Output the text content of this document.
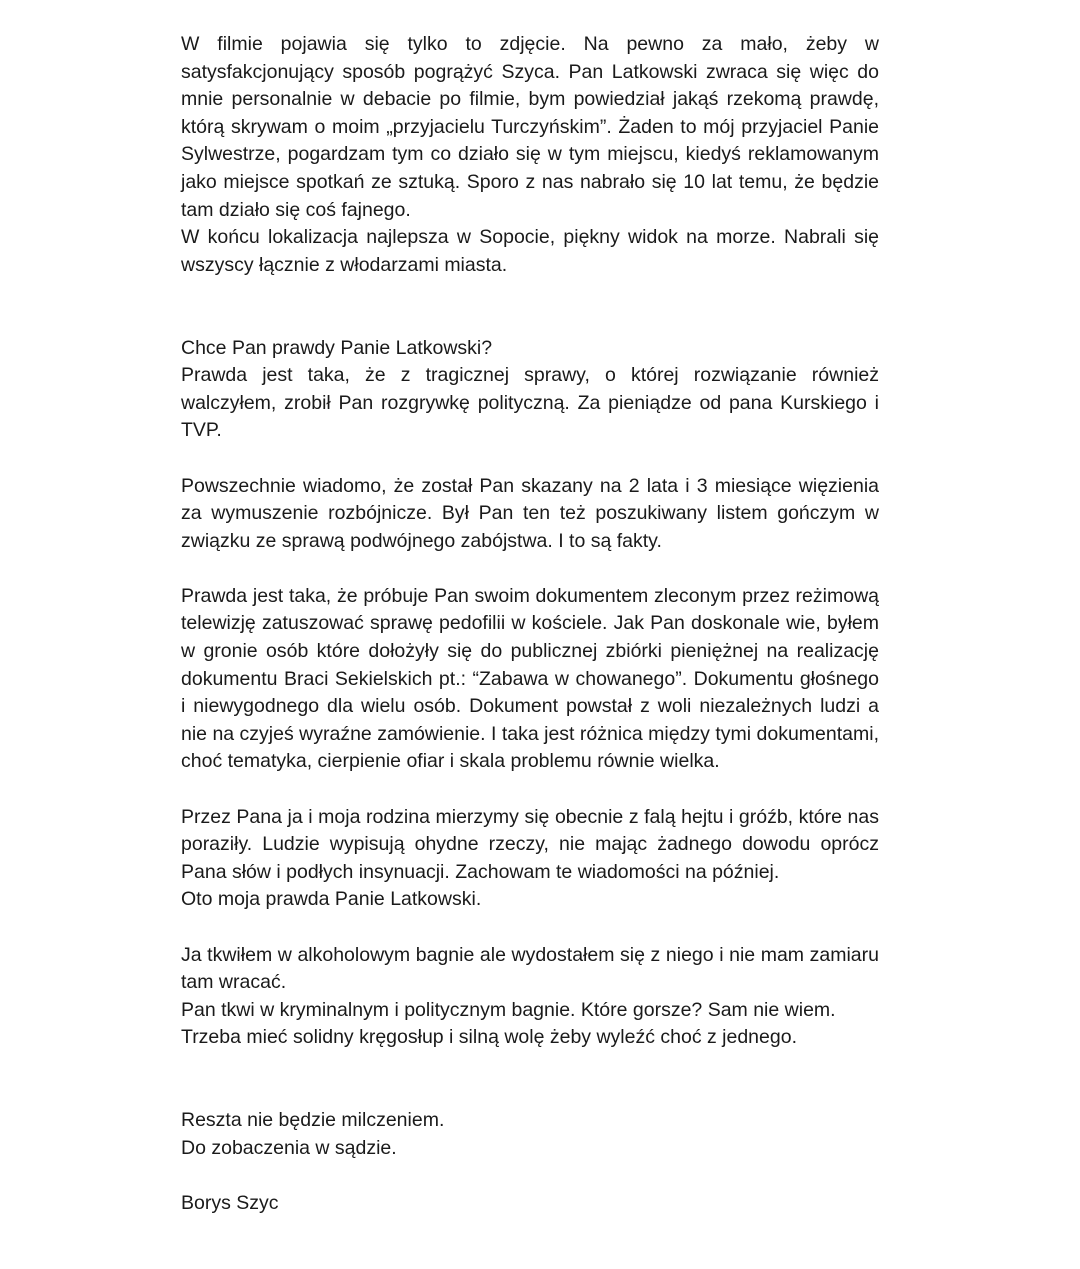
W filmie pojawia się tylko to zdjęcie. Na pewno za mało, żeby w satysfakcjonujący sposób pogrążyć Szyca. Pan Latkowski zwraca się więc do mnie personalnie w debacie po filmie, bym powiedział jakąś rzekomą prawdę, którą skrywam o moim „przyjacielu Turczyńskim”. Żaden to mój przyjaciel Panie Sylwestrze, pogardzam tym co działo się w tym miejscu, kiedyś reklamowanym jako miejsce spotkań ze sztuką. Sporo z nas nabrało się 10 lat temu, że będzie tam działo się coś fajnego.

W końcu lokalizacja najlepsza w Sopocie, piękny widok na morze. Nabrali się wszyscy łącznie z włodarzami miasta.

Chce Pan prawdy Panie Latkowski?

Prawda jest taka, że z tragicznej sprawy, o której rozwiązanie również walczyłem, zrobił Pan rozgrywkę polityczną. Za pieniądze od pana Kurskiego i TVP.

Powszechnie wiadomo, że został Pan skazany na 2 lata i 3 miesiące więzienia za wymuszenie rozbójnicze. Był Pan ten też poszukiwany listem gończym w związku ze sprawą podwójnego zabójstwa. I to są fakty.

Prawda jest taka, że próbuje Pan swoim dokumentem zleconym przez reżimową telewizję zatuszować sprawę pedofilii w kościele. Jak Pan doskonale wie, byłem w gronie osób które dołożyły się do publicznej zbiórki pieniężnej na realizację dokumentu Braci Sekielskich pt.: “Zabawa w chowanego”. Dokumentu głośnego i niewygodnego dla wielu osób. Dokument powstał z woli niezależnych ludzi a nie na czyjeś wyraźne zamówienie. I taka jest różnica między tymi dokumentami, choć tematyka, cierpienie ofiar i skala problemu równie wielka.

Przez Pana ja i moja rodzina mierzymy się obecnie z falą hejtu i gróźb, które nas poraziły. Ludzie wypisują ohydne rzeczy, nie mając żadnego dowodu oprócz Pana słów i podłych insynuacji. Zachowam te wiadomości na później.

Oto moja prawda Panie Latkowski.

Ja tkwiłem w alkoholowym bagnie ale wydostałem się z niego i nie mam zamiaru tam wracać.

Pan tkwi w kryminalnym i politycznym bagnie. Które gorsze? Sam nie wiem.

Trzeba mieć solidny kręgosłup i silną wolę żeby wyleźć choć z jednego.

Reszta nie będzie milczeniem.

Do zobaczenia w sądzie.

Borys Szyc
